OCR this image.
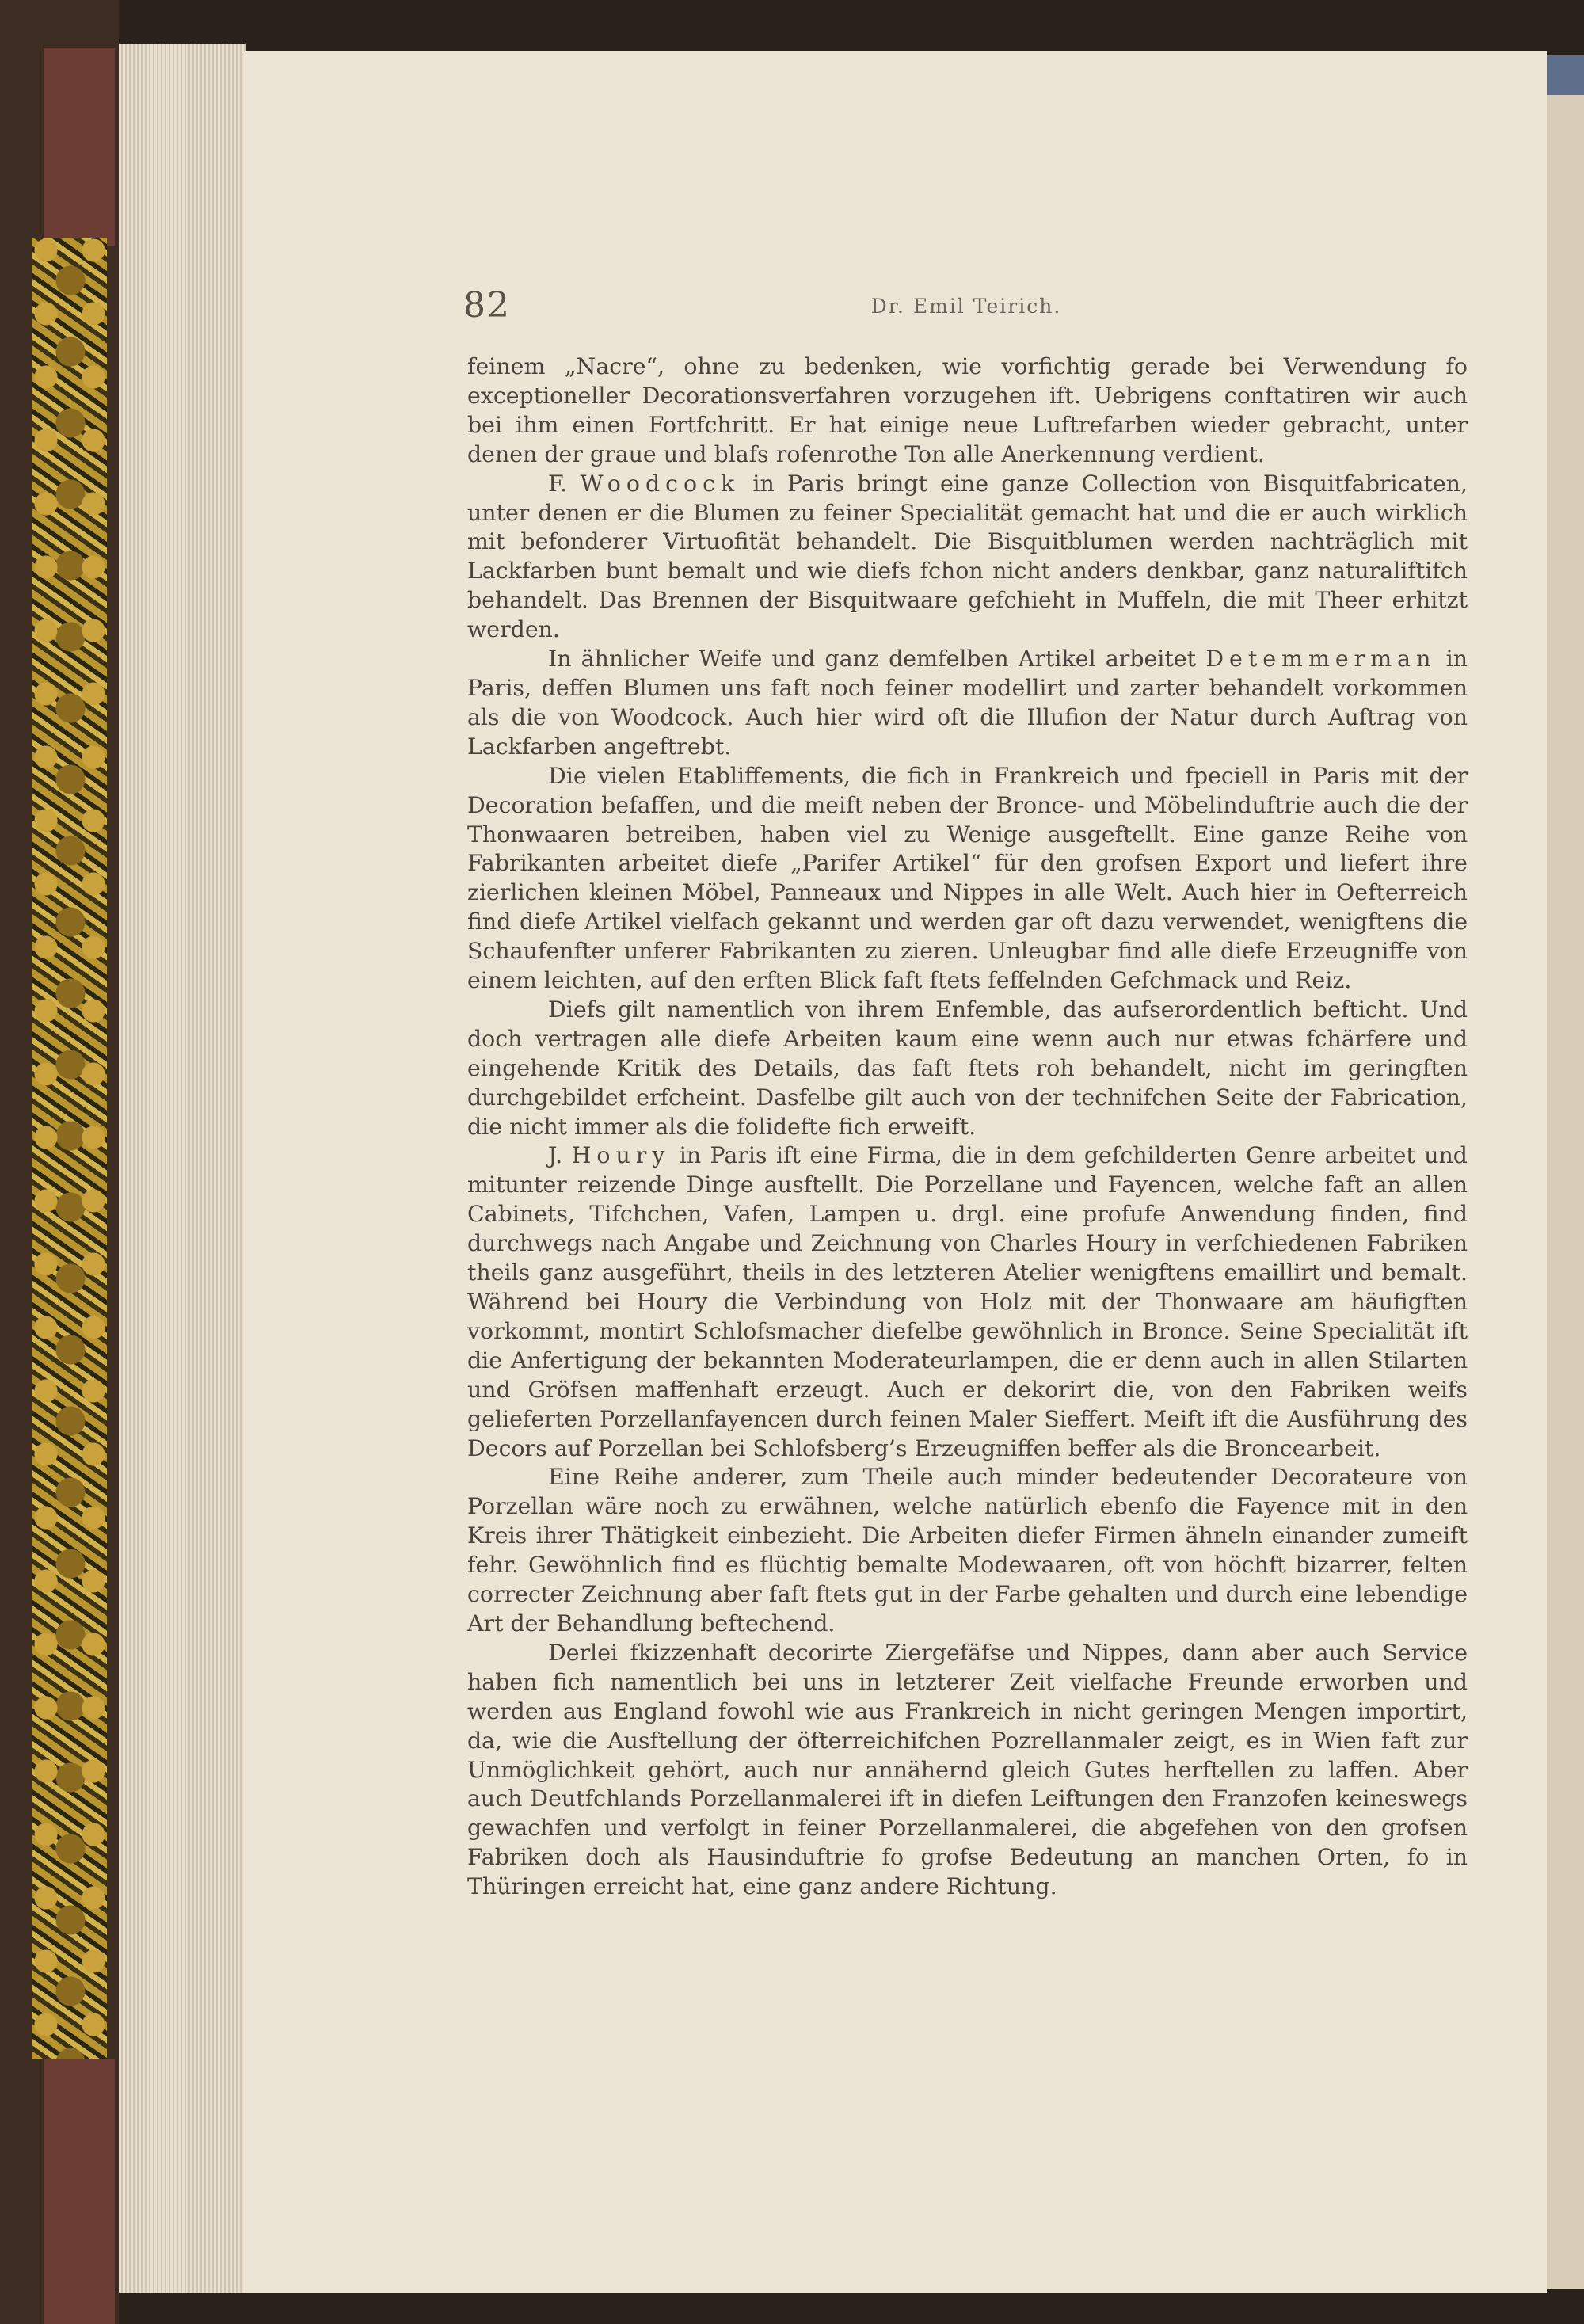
82	Dr. Emil Teirich.

feinem „Nacre“, ohne zu bedenken, wie vorfichtig gerade bei Verwendung fo exceptioneller Decorationsverfahren vorzugehen ift. Uebrigens conftatiren wir auch bei ihm einen Fortfchritt. Er hat einige neue Luftrefarben wieder gebracht, unter denen der graue und blafs rofenrothe Ton alle Anerkennung verdient.

F. Woodcock in Paris bringt eine ganze Collection von Bisquitfabricaten, unter denen er die Blumen zu feiner Specialität gemacht hat und die er auch wirklich mit befonderer Virtuofität behandelt. Die Bisquitblumen werden nachträglich mit Lackfarben bunt bemalt und wie diefs fchon nicht anders denkbar, ganz naturaliftifch behandelt. Das Brennen der Bisquitwaare gefchieht in Muffeln, die mit Theer erhitzt werden.

In ähnlicher Weife und ganz demfelben Artikel arbeitet Detemmerman in Paris, deffen Blumen uns faft noch feiner modellirt und zarter behandelt vorkommen als die von Woodcock. Auch hier wird oft die Illufion der Natur durch Auftrag von Lackfarben angeftrebt.

Die vielen Etabliffements, die fich in Frankreich und fpeciell in Paris mit der Decoration befaffen, und die meift neben der Bronce- und Möbelinduftrie auch die der Thonwaaren betreiben, haben viel zu Wenige ausgeftellt. Eine ganze Reihe von Fabrikanten arbeitet diefe „Parifer Artikel“ für den grofsen Export und liefert ihre zierlichen kleinen Möbel, Panneaux und Nippes in alle Welt. Auch hier in Oefterreich find diefe Artikel vielfach gekannt und werden gar oft dazu verwendet, wenigftens die Schaufenfter unferer Fabrikanten zu zieren. Unleugbar find alle diefe Erzeugniffe von einem leichten, auf den erften Blick faft ftets feffelnden Gefchmack und Reiz.

Diefs gilt namentlich von ihrem Enfemble, das aufserordentlich befticht. Und doch vertragen alle diefe Arbeiten kaum eine wenn auch nur etwas fchärfere und eingehende Kritik des Details, das faft ftets roh behandelt, nicht im geringften durchgebildet erfcheint. Dasfelbe gilt auch von der technifchen Seite der Fabrication, die nicht immer als die folidefte fich erweift.

J. Houry in Paris ift eine Firma, die in dem gefchilderten Genre arbeitet und mitunter reizende Dinge ausftellt. Die Porzellane und Fayencen, welche faft an allen Cabinets, Tifchchen, Vafen, Lampen u. drgl. eine profufe Anwendung finden, find durchwegs nach Angabe und Zeichnung von Charles Houry in verfchiedenen Fabriken theils ganz ausgeführt, theils in des letzteren Atelier wenigftens emaillirt und bemalt. Während bei Houry die Verbindung von Holz mit der Thonwaare am häufigften vorkommt, montirt Schlofsmacher diefelbe gewöhnlich in Bronce. Seine Specialität ift die Anfertigung der bekannten Moderateurlampen, die er denn auch in allen Stilarten und Gröfsen maffenhaft erzeugt. Auch er dekorirt die, von den Fabriken weifs gelieferten Porzellanfayencen durch feinen Maler Sieffert. Meift ift die Ausführung des Decors auf Porzellan bei Schlofsberg’s Erzeugniffen beffer als die Broncearbeit.

Eine Reihe anderer, zum Theile auch minder bedeutender Decorateure von Porzellan wäre noch zu erwähnen, welche natürlich ebenfo die Fayence mit in den Kreis ihrer Thätigkeit einbezieht. Die Arbeiten diefer Firmen ähneln einander zumeift fehr. Gewöhnlich find es flüchtig bemalte Modewaaren, oft von höchft bizarrer, felten correcter Zeichnung aber faft ftets gut in der Farbe gehalten und durch eine lebendige Art der Behandlung beftechend.

Derlei fkizzenhaft decorirte Ziergefäfse und Nippes, dann aber auch Service haben fich namentlich bei uns in letzterer Zeit vielfache Freunde erworben und werden aus England fowohl wie aus Frankreich in nicht geringen Mengen importirt, da, wie die Ausftellung der öfterreichifchen Pozrellanmaler zeigt, es in Wien faft zur Unmöglichkeit gehört, auch nur annähernd gleich Gutes herftellen zu laffen. Aber auch Deutfchlands Porzellanmalerei ift in diefen Leiftungen den Franzofen keineswegs gewachfen und verfolgt in feiner Porzellanmalerei, die abgefehen von den grofsen Fabriken doch als Hausinduftrie fo grofse Bedeutung an manchen Orten, fo in Thüringen erreicht hat, eine ganz andere Richtung.
